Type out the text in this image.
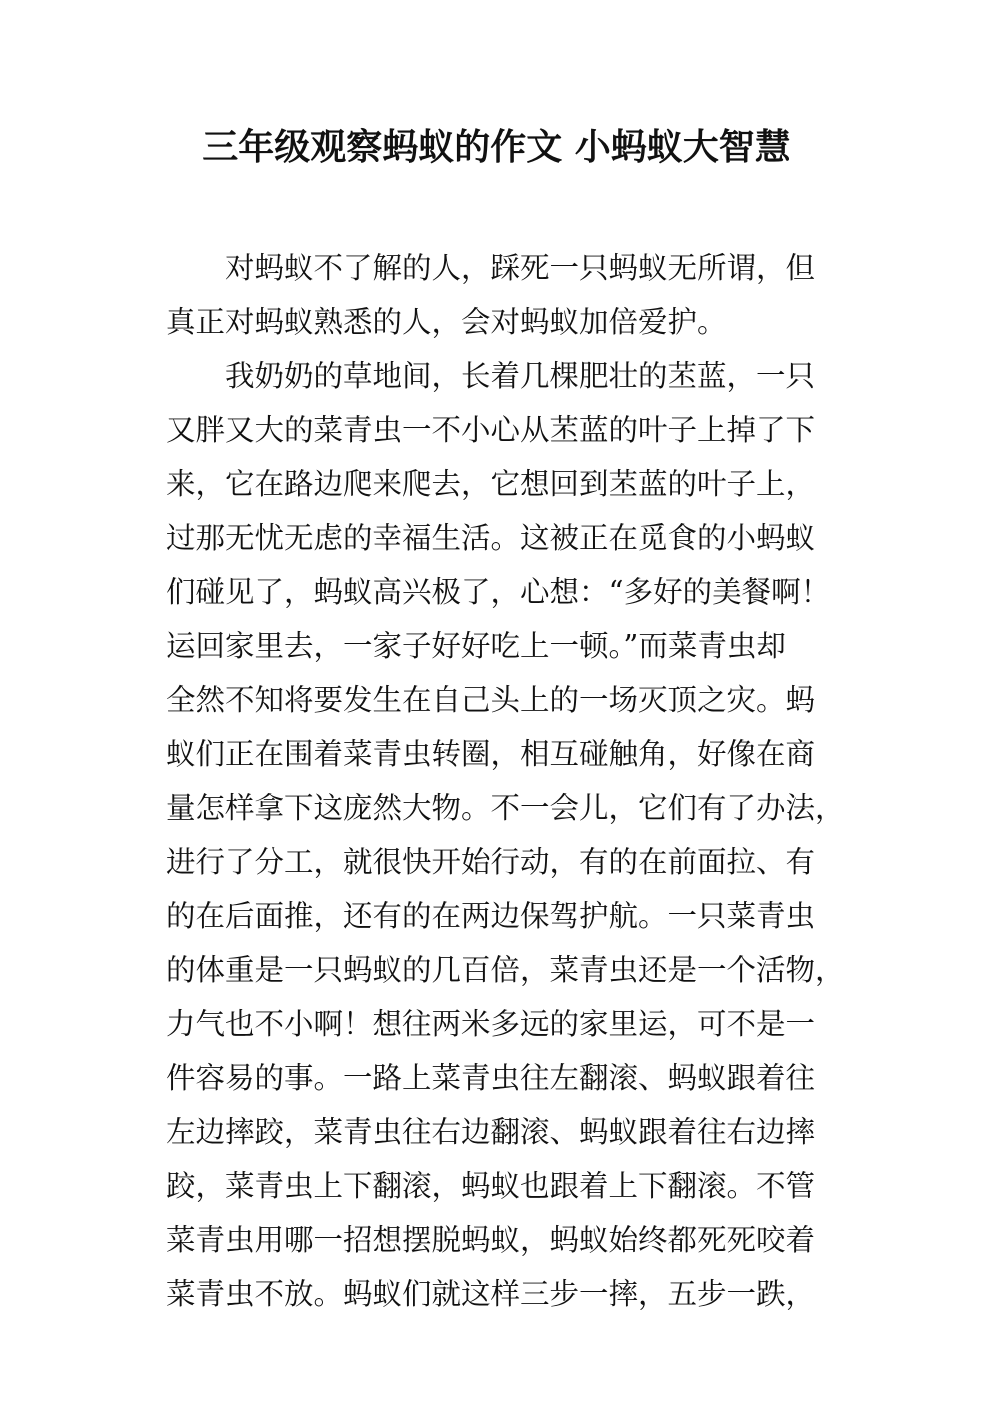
三年级观察蚂蚁的作文 小蚂蚁大智慧
对蚂蚁不了解的人，踩死一只蚂蚁无所谓，但
真正对蚂蚁熟悉的人，会对蚂蚁加倍爱护。
我奶奶的草地间，长着几棵肥壮的苤蓝，一只
又胖又大的菜青虫一不小心从苤蓝的叶子上掉了下
来，它在路边爬来爬去，它想回到苤蓝的叶子上，
过那无忧无虑的幸福生活。这被正在觅食的小蚂蚁
们碰见了，蚂蚁高兴极了，心想：“多好的美餐啊！
运回家里去，一家子好好吃上一顿。”而菜青虫却
全然不知将要发生在自己头上的一场灭顶之灾。蚂
蚁们正在围着菜青虫转圈，相互碰触角，好像在商
量怎样拿下这庞然大物。不一会儿，它们有了办法，
进行了分工，就很快开始行动，有的在前面拉、有
的在后面推，还有的在两边保驾护航。一只菜青虫
的体重是一只蚂蚁的几百倍，菜青虫还是一个活物，
力气也不小啊！想往两米多远的家里运，可不是一
件容易的事。一路上菜青虫往左翻滚、蚂蚁跟着往
左边摔跤，菜青虫往右边翻滚、蚂蚁跟着往右边摔
跤，菜青虫上下翻滚，蚂蚁也跟着上下翻滚。不管
菜青虫用哪一招想摆脱蚂蚁，蚂蚁始终都死死咬着
菜青虫不放。蚂蚁们就这样三步一摔，五步一跌，
